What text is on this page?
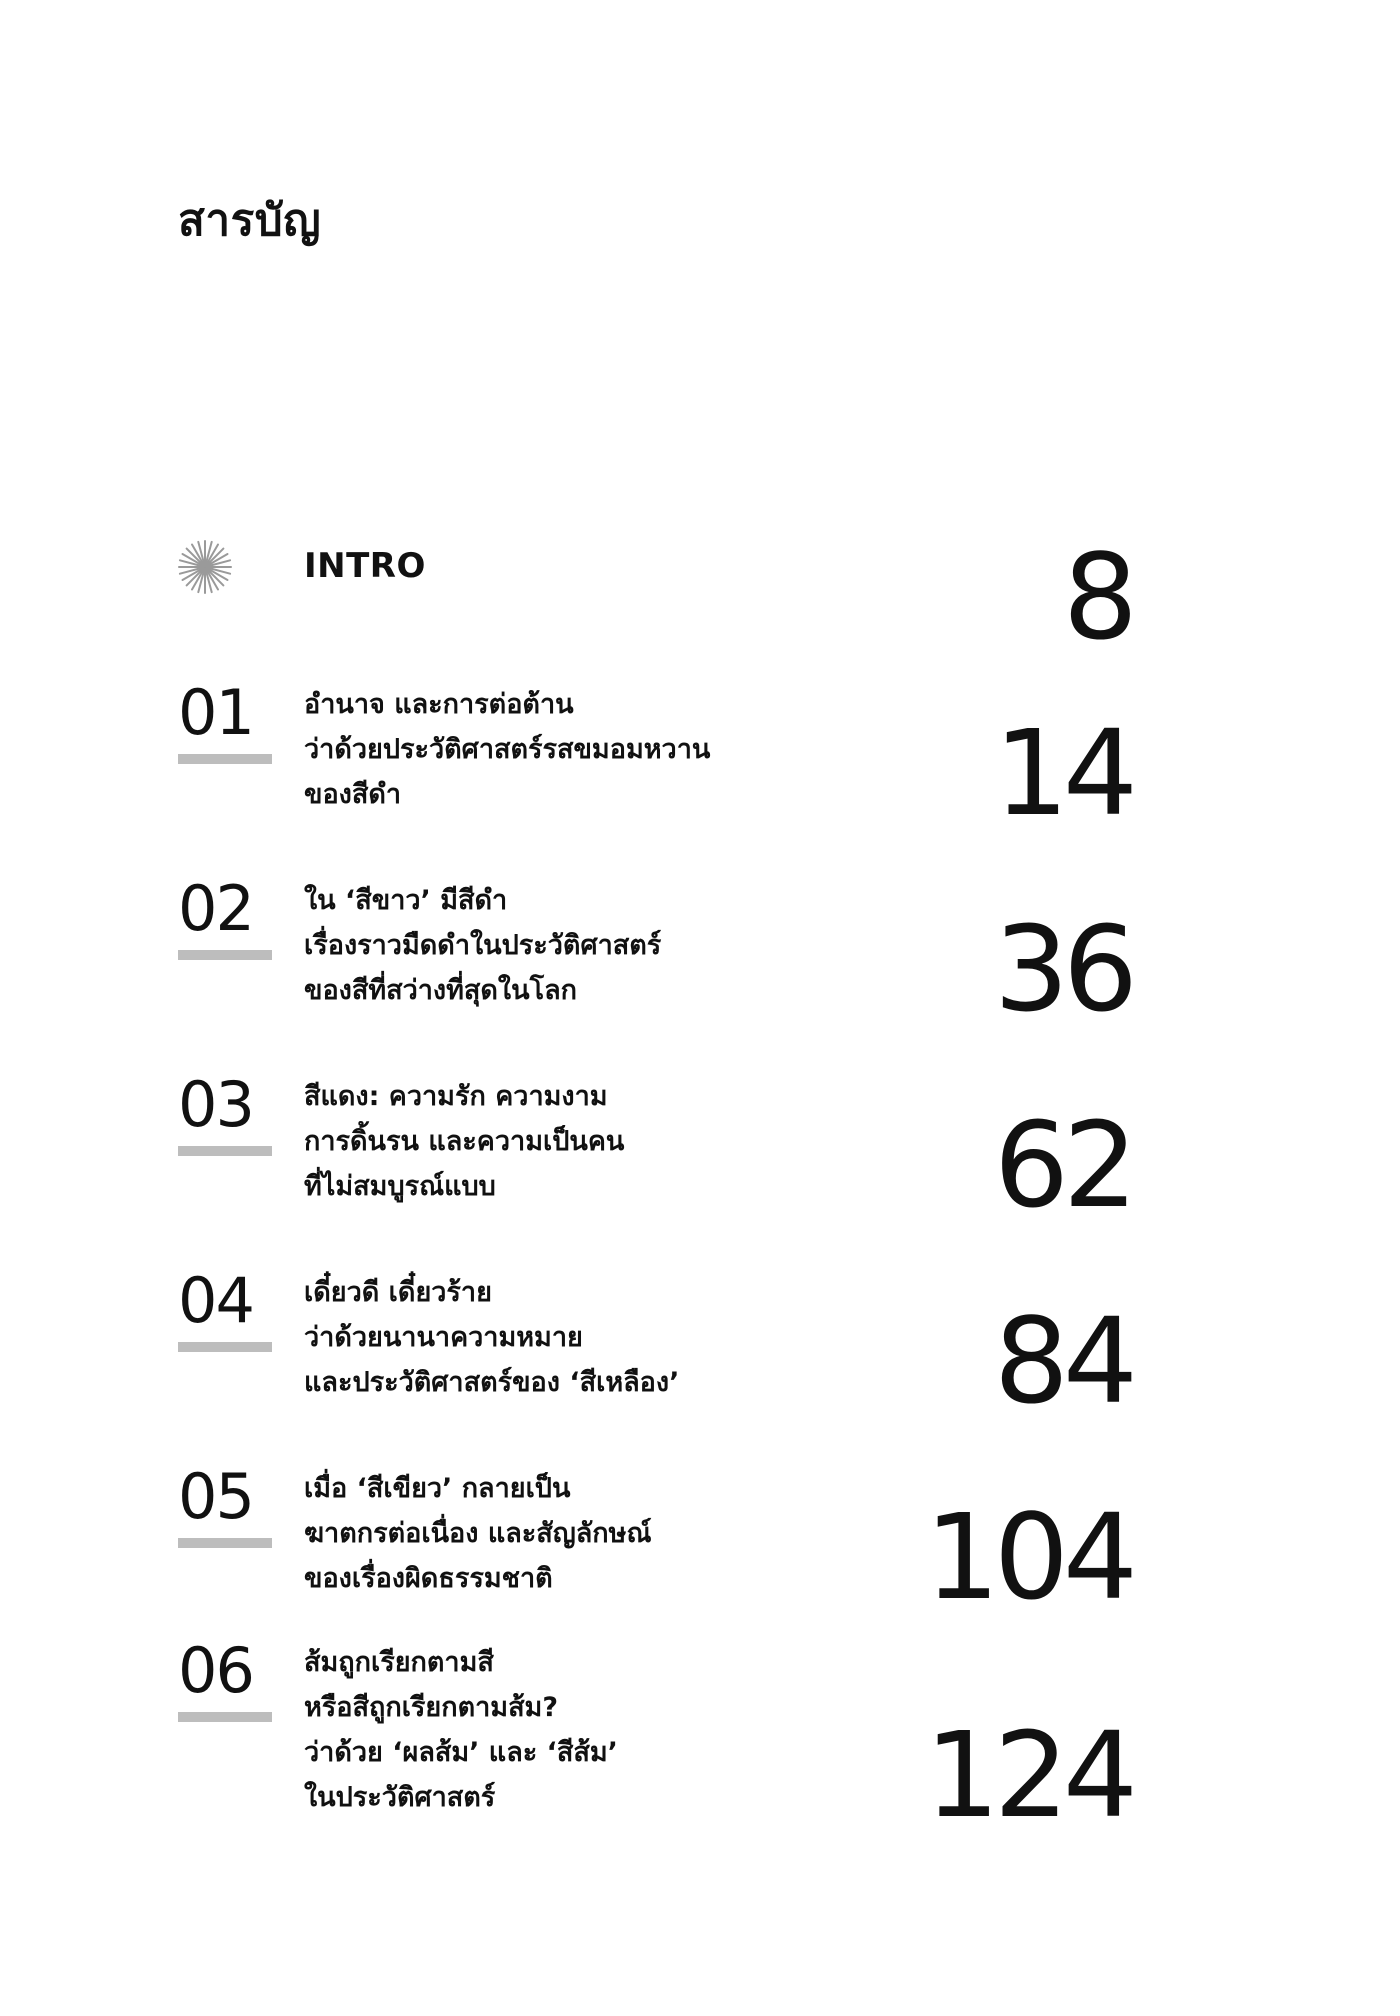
สารบัญ
INTRO	8
01	อำนาจ และการต่อต้าน
ว่าด้วยประวัติศาสตร์รสขมอมหวาน
ของสีดำ	14
02	ใน ‘สีขาว’ มีสีดำ
เรื่องราวมืดดำในประวัติศาสตร์
ของสีที่สว่างที่สุดในโลก	36
03	สีแดง: ความรัก ความงาม
การดิ้นรน และความเป็นคน
ที่ไม่สมบูรณ์แบบ	62
04	เดี๋ยวดี เดี๋ยวร้าย
ว่าด้วยนานาความหมาย
และประวัติศาสตร์ของ ‘สีเหลือง’	84
05	เมื่อ ‘สีเขียว’ กลายเป็น
ฆาตกรต่อเนื่อง และสัญลักษณ์
ของเรื่องผิดธรรมชาติ	104
06	ส้มถูกเรียกตามสี
หรือสีถูกเรียกตามส้ม?
ว่าด้วย ‘ผลส้ม’ และ ‘สีส้ม’
ในประวัติศาสตร์	124
